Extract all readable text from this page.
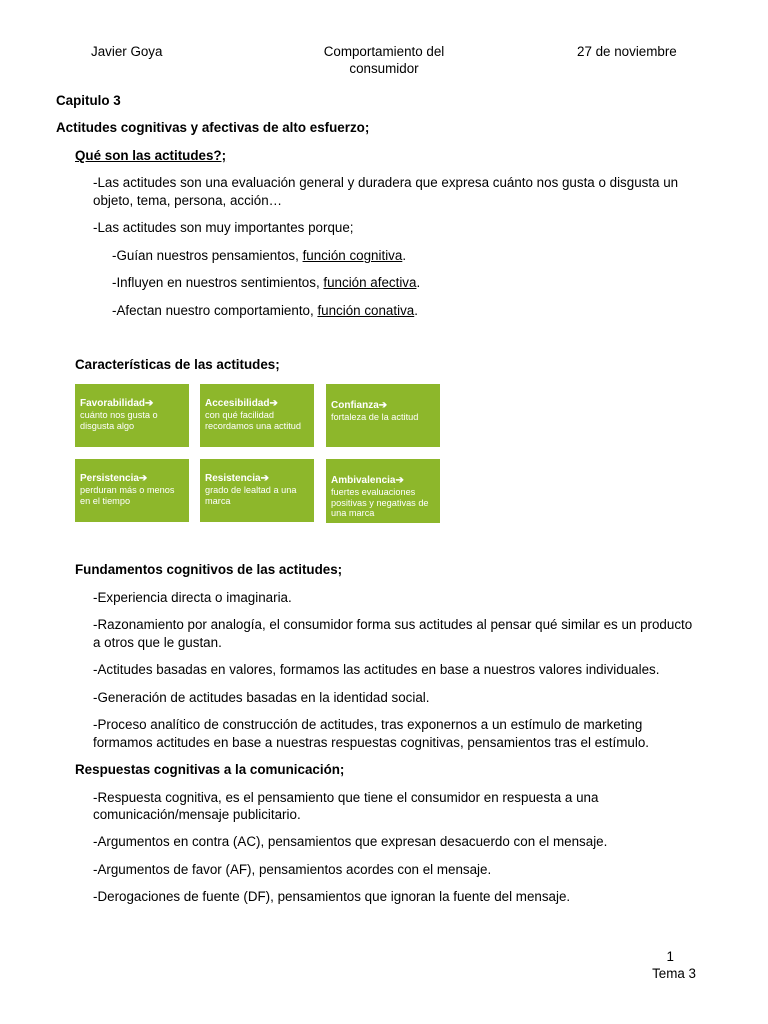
Javier Goya	Comportamiento del
consumidor
27 de noviembre
Capitulo 3
Actitudes cognitivas y afectivas de alto esfuerzo;
Qué son las actitudes?;
-Las actitudes son una evaluación general y duradera que expresa cuánto nos gusta o disgusta un
objeto, tema, persona, acción…
-Las actitudes son muy importantes porque;
-Guían nuestros pensamientos, función cognitiva.
-Influyen en nuestros sentimientos, función afectiva.
-Afectan nuestro comportamiento, función conativa.
Características de las actitudes;
Favorabilidad➔
cuánto nos gusta o disgusta algo
Accesibilidad➔
con qué facilidad recordamos una actitud
Confianza➔
fortaleza de la actitud
Persistencia➔
perduran más o menos en el tiempo
Resistencia➔
grado de lealtad a una marca
Ambivalencia➔
fuertes evaluaciones positivas y negativas de una marca
Fundamentos cognitivos de las actitudes;
-Experiencia directa o imaginaria.
-Razonamiento por analogía, el consumidor forma sus actitudes al pensar qué similar es un producto
a otros que le gustan.
-Actitudes basadas en valores, formamos las actitudes en base a nuestros valores individuales.
-Generación de actitudes basadas en la identidad social.
-Proceso analítico de construcción de actitudes, tras exponernos a un estímulo de marketing
formamos actitudes en base a nuestras respuestas cognitivas, pensamientos tras el estímulo.
Respuestas cognitivas a la comunicación;
-Respuesta cognitiva, es el pensamiento que tiene el consumidor en respuesta a una
comunicación/mensaje publicitario.
-Argumentos en contra (AC), pensamientos que expresan desacuerdo con el mensaje.
-Argumentos de favor (AF), pensamientos acordes con el mensaje.
-Derogaciones de fuente (DF), pensamientos que ignoran la fuente del mensaje.
1
Tema 3
